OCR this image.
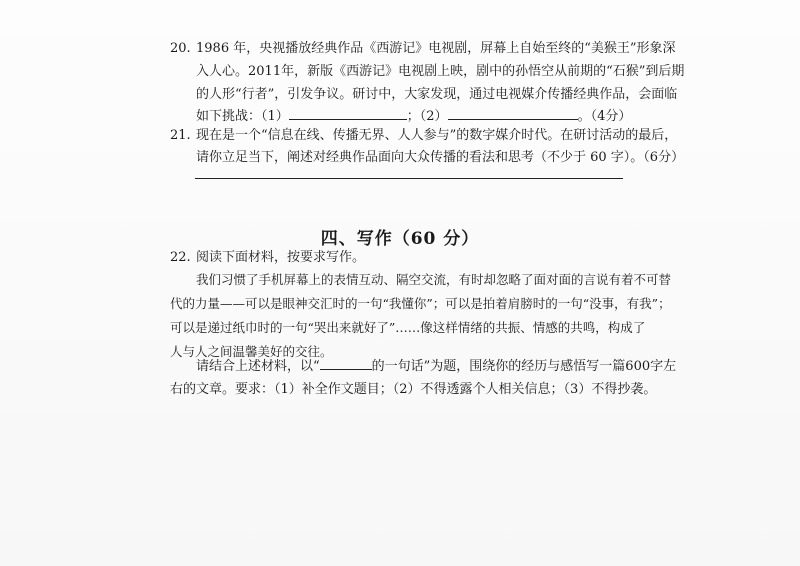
20. 1986 年，央视播放经典作品《西游记》电视剧，屏幕上自始至终的“美猴王”形象深
入人心。2011年，新版《西游记》电视剧上映，剧中的孙悟空从前期的“石猴”到后期
的人形“行者”，引发争议。研讨中，大家发现，通过电视媒介传播经典作品，会面临
如下挑战：（1）	；（2）	。（4分）
21. 现在是一个“信息在线、传播无界、人人参与”的数字媒介时代。在研讨活动的最后，
请你立足当下，阐述对经典作品面向大众传播的看法和思考（不少于 60 字）。（6分）
四、写作（60 分）
22. 阅读下面材料，按要求写作。
我们习惯了手机屏幕上的表情互动、隔空交流，有时却忽略了面对面的言说有着不可替
代的力量——可以是眼神交汇时的一句“我懂你”；可以是拍着肩膀时的一句“没事，有我”；
可以是递过纸巾时的一句“哭出来就好了”……像这样情绪的共振、情感的共鸣，构成了
人与人之间温馨美好的交往。
请结合上述材料，以“	的一句话”为题，围绕你的经历与感悟写一篇600字左
右的文章。要求：（1）补全作文题目；（2）不得透露个人相关信息；（3）不得抄袭。
